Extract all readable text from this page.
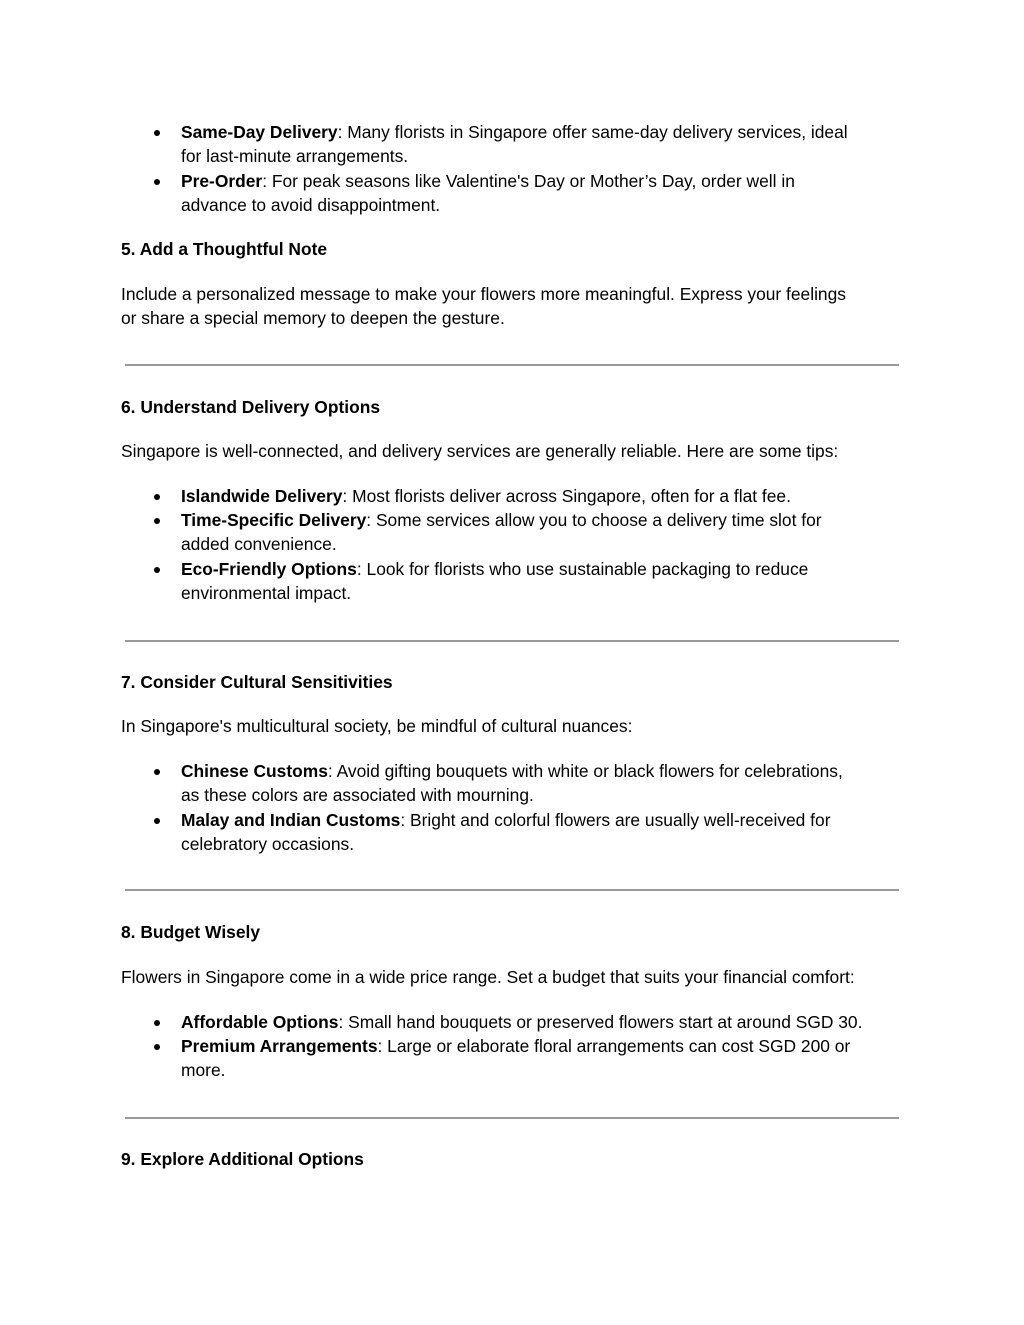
Same-Day Delivery: Many florists in Singapore offer same-day delivery services, ideal
for last-minute arrangements.
Pre-Order: For peak seasons like Valentine's Day or Mother’s Day, order well in
advance to avoid disappointment.
5. Add a Thoughtful Note
Include a personalized message to make your flowers more meaningful. Express your feelings
or share a special memory to deepen the gesture.
6. Understand Delivery Options
Singapore is well-connected, and delivery services are generally reliable. Here are some tips:
Islandwide Delivery: Most florists deliver across Singapore, often for a flat fee.
Time-Specific Delivery: Some services allow you to choose a delivery time slot for
added convenience.
Eco-Friendly Options: Look for florists who use sustainable packaging to reduce
environmental impact.
7. Consider Cultural Sensitivities
In Singapore's multicultural society, be mindful of cultural nuances:
Chinese Customs: Avoid gifting bouquets with white or black flowers for celebrations,
as these colors are associated with mourning.
Malay and Indian Customs: Bright and colorful flowers are usually well-received for
celebratory occasions.
8. Budget Wisely
Flowers in Singapore come in a wide price range. Set a budget that suits your financial comfort:
Affordable Options: Small hand bouquets or preserved flowers start at around SGD 30.
Premium Arrangements: Large or elaborate floral arrangements can cost SGD 200 or
more.
9. Explore Additional Options
